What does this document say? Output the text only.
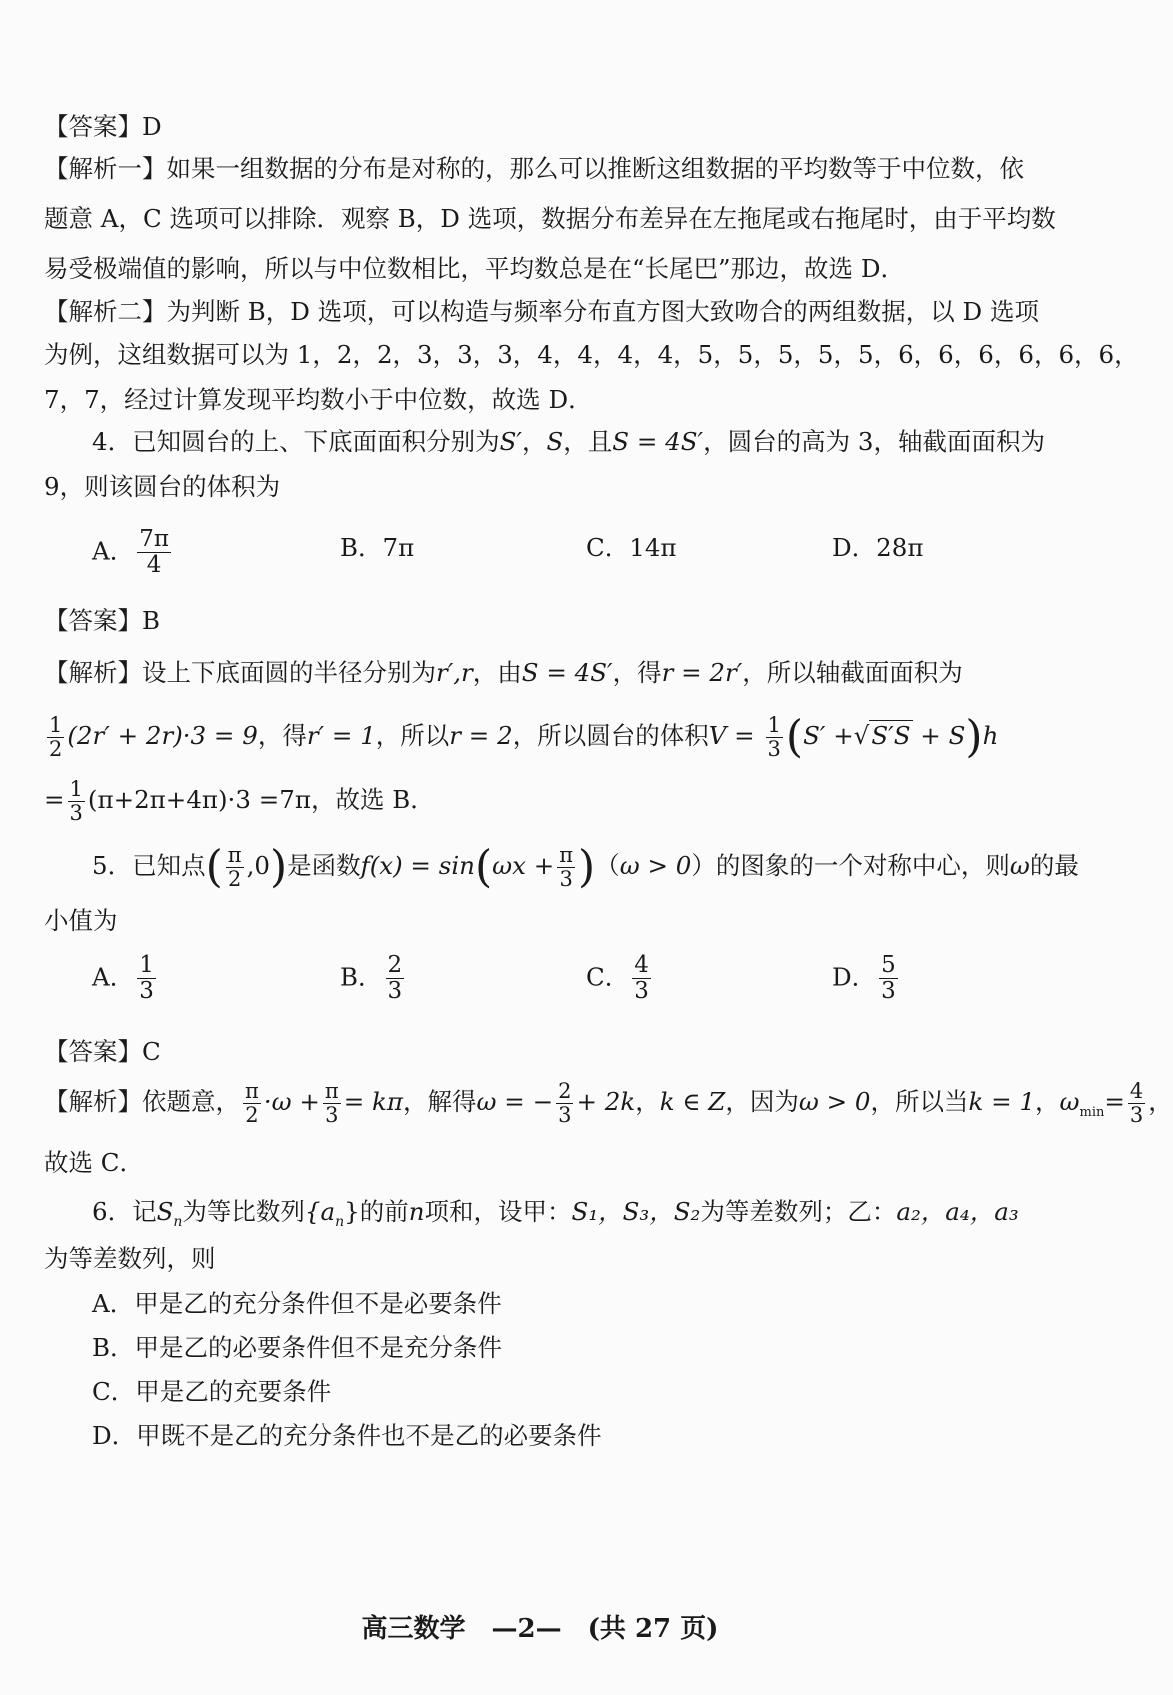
【答案】D
【解析一】如果一组数据的分布是对称的，那么可以推断这组数据的平均数等于中位数，依
题意 A，C 选项可以排除．观察 B，D 选项，数据分布差异在左拖尾或右拖尾时，由于平均数
易受极端值的影响，所以与中位数相比，平均数总是在“长尾巴”那边，故选 D．
【解析二】为判断 B，D 选项，可以构造与频率分布直方图大致吻合的两组数据，以 D 选项
为例，这组数据可以为 1，2，2，3，3，3，4，4，4，4，5，5，5，5，5，6，6，6，6，6，6，
7，7，经过计算发现平均数小于中位数，故选 D．
4．已知圆台的上、下底面面积分别为S′，S，且S = 4S′，圆台的高为 3，轴截面面积为
9，则该圆台的体积为
A． $\frac{7\pi}{4}$	B．7π	C．14π	D．28π
【答案】B
【解析】设上下底面圆的半径分别为r′,r，由S = 4S′，得r = 2r′，所以轴截面面积为
$\frac{1}{2} (2r' + 2r)\cdot 3 = 9$，得r′ = 1，所以r = 2，所以圆台的体积$V = \frac{1}{3} (S' +√S'S + S)h$
= $\frac{1}{3} (\pi+2\pi+4\pi)\cdot 3 =7\pi$，故选 B．
5．已知点( $\frac{\pi}{2} ,0$)是函数$f(x) = \sin(\omega x + \frac{\pi}{3} )(\omega > 0)$的图象的一个对称中心，则ω的最
小值为
A． $\frac{1}{3}$	B． $\frac{2}{3}$	C． $\frac{4}{3}$	D． $\frac{5}{3}$
【答案】C
【解析】依题意， $\frac{\pi}{2} \cdot\omega + \frac{\pi}{3} = k\pi$，解得ω = − $\frac{2}{3} + 2k$，k ∈ Z，因为ω > 0，所以当k = 1，$\omega_{min}= \frac{4}{3}$ ，
故选 C．
6．记$S_n$为等比数列$\{a_n\}$的前n项和，设甲：S₁，S₃，S₂为等差数列；乙：a₂，a₄，a₃
为等差数列，则
A．甲是乙的充分条件但不是必要条件
B．甲是乙的必要条件但不是充分条件
C．甲是乙的充要条件
D．甲既不是乙的充分条件也不是乙的必要条件
高三数学　—2—　(共 27 页)
